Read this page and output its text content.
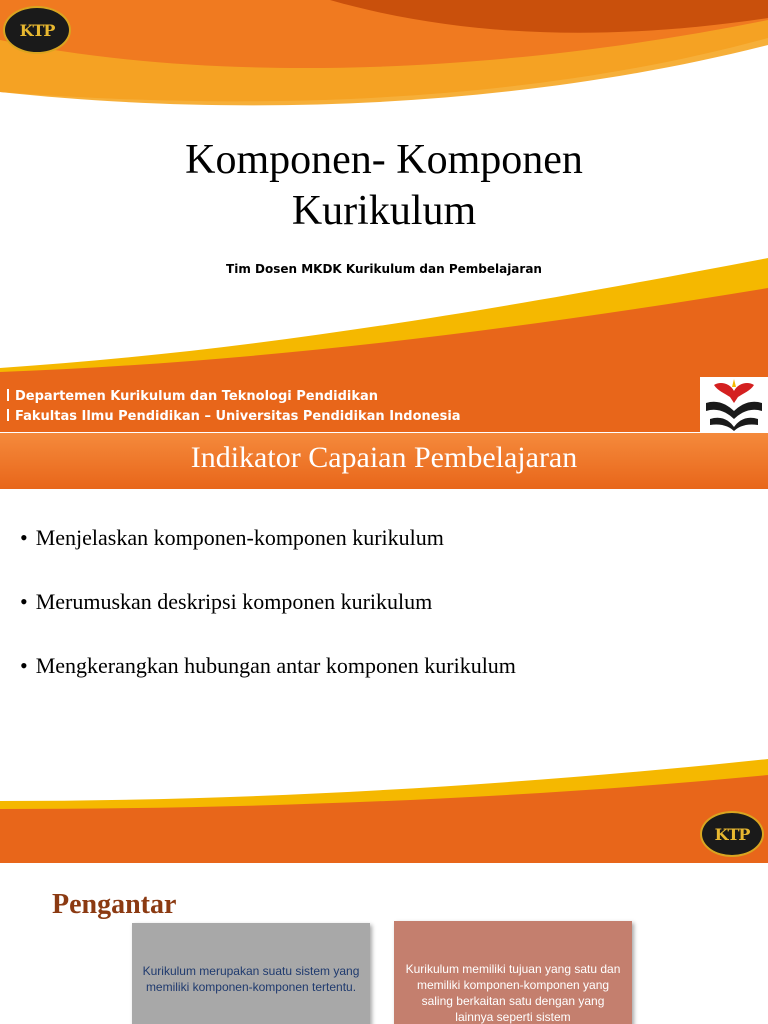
KTP
Komponen- Komponen
Kurikulum
Tim Dosen MKDK Kurikulum dan Pembelajaran
Departemen Kurikulum dan Teknologi Pendidikan
Fakultas Ilmu Pendidikan – Universitas Pendidikan Indonesia
Indikator Capaian Pembelajaran
• Menjelaskan komponen-komponen kurikulum
• Merumuskan deskripsi komponen kurikulum
• Mengkerangkan hubungan antar komponen kurikulum
KTP
Pengantar
Kurikulum merupakan suatu sistem yang memiliki komponen-komponen tertentu.
Kurikulum memiliki tujuan yang satu dan memiliki komponen-komponen yang saling berkaitan satu dengan yang lainnya seperti sistem
